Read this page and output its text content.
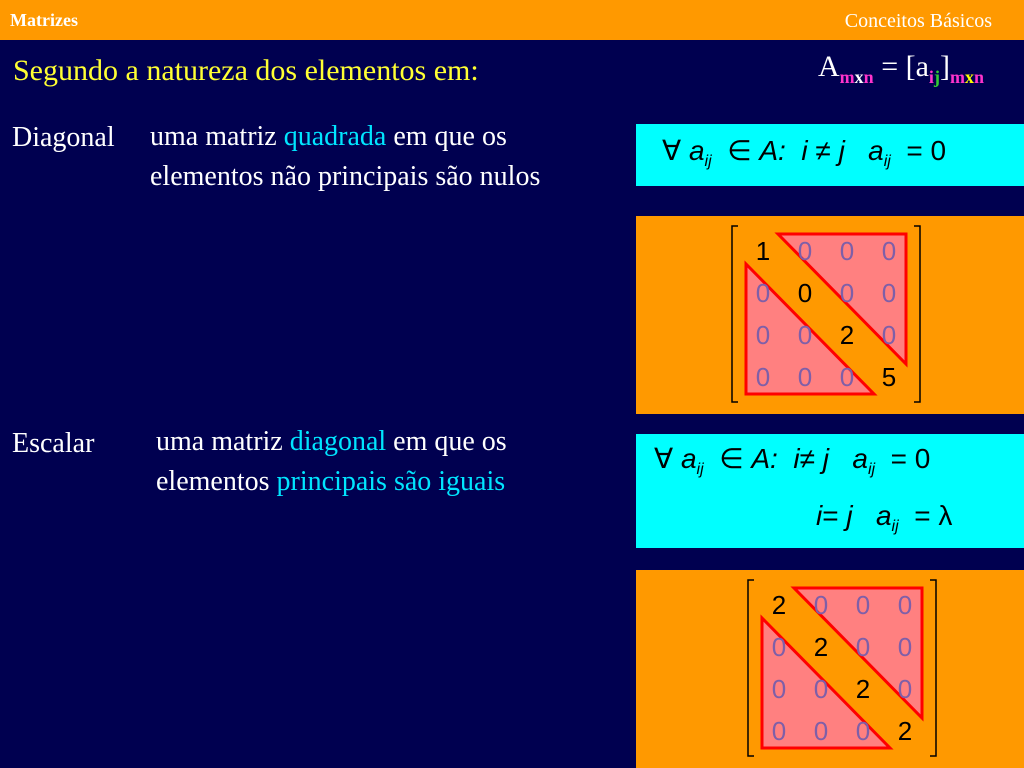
Matrizes	Conceitos Básicos
Segundo a natureza dos elementos em:	$A_{mxn} = [a_{ij}]_{mxn}$
Diagonal uma matriz quadrada em que os
elementos não principais são nulos
∀ $a_{ij}$ ∈ A: i ≠ j $a_{ij} = 0$
1	0	0	0
0	0	0	0
0	0	2	0
0	0	0	5
Escalar uma matriz diagonal em que os
elementos principais são iguais
∀ $a_{ij}$ ∈ A: i≠ j $a_{ij} = 0$
i= j $a_{ij} = \lambda$
2	0	0	0
0	2	0	0
0	0	2	0
0	0	0	2
